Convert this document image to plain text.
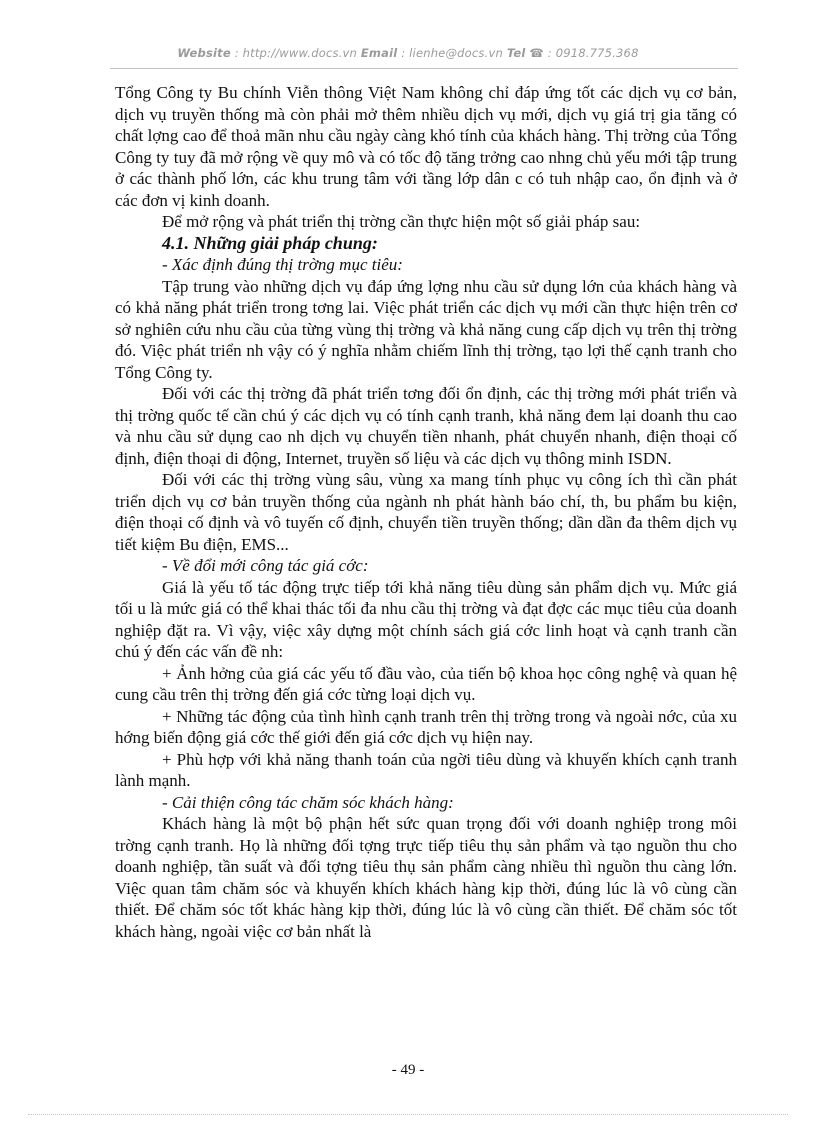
Website : http://www.docs.vn Email : lienhe@docs.vn Tel ☎ : 0918.775.368

Tổng Công ty Bu chính Viễn thông Việt Nam không chỉ đáp ứng tốt các dịch vụ cơ bản, dịch vụ truyền thống mà còn phải mở thêm nhiều dịch vụ mới, dịch vụ giá trị gia tăng có chất lợng cao để thoả mãn nhu cầu ngày càng khó tính của khách hàng. Thị trờng của Tổng Công ty tuy đã mở rộng về quy mô và có tốc độ tăng trởng cao nhng chủ yếu mới tập trung ở các thành phố lớn, các khu trung tâm với tầng lớp dân c có tuh nhập cao, ổn định và ở các đơn vị kinh doanh.

Để mở rộng và phát triển thị trờng cần thực hiện một số giải pháp sau:

4.1. Những giải pháp chung:

- Xác định đúng thị trờng mục tiêu:

Tập trung vào những dịch vụ đáp ứng lợng nhu cầu sử dụng lớn của khách hàng và có khả năng phát triển trong tơng lai. Việc phát triển các dịch vụ mới cần thực hiện trên cơ sở nghiên cứu nhu cầu của từng vùng thị trờng và khả năng cung cấp dịch vụ trên thị trờng đó. Việc phát triển nh vậy có ý nghĩa nhằm chiếm lĩnh thị trờng, tạo lợi thế cạnh tranh cho Tổng Công ty.

Đối với các thị trờng đã phát triển tơng đối ổn định, các thị trờng mới phát triển và thị trờng quốc tế cần chú ý các dịch vụ có tính cạnh tranh, khả năng đem lại doanh thu cao và nhu cầu sử dụng cao nh dịch vụ chuyển tiền nhanh, phát chuyển nhanh, điện thoại cố định, điện thoại di động, Internet, truyền số liệu và các dịch vụ thông minh ISDN.

Đối với các thị trờng vùng sâu, vùng xa mang tính phục vụ công ích thì cần phát triển dịch vụ cơ bản truyền thống của ngành nh phát hành báo chí, th, bu phẩm bu kiện, điện thoại cố định và vô tuyến cố định, chuyển tiền truyền thống; dần dần đa thêm dịch vụ tiết kiệm Bu điện, EMS...

- Về đổi mới công tác giá cớc:

Giá là yếu tố tác động trực tiếp tới khả năng tiêu dùng sản phẩm dịch vụ. Mức giá tối u là mức giá có thể khai thác tối đa nhu cầu thị trờng và đạt đợc các mục tiêu của doanh nghiệp đặt ra. Vì vậy, việc xây dựng một chính sách giá cớc linh hoạt và cạnh tranh cần chú ý đến các vấn đề nh:

+ Ảnh hởng của giá các yếu tố đầu vào, của tiến bộ khoa học công nghệ và quan hệ cung cầu trên thị trờng đến giá cớc từng loại dịch vụ.

+ Những tác động của tình hình cạnh tranh trên thị trờng trong và ngoài nớc, của xu hớng biến động giá cớc thế giới đến giá cớc dịch vụ hiện nay.

+ Phù hợp với khả năng thanh toán của ngời tiêu dùng và khuyến khích cạnh tranh lành mạnh.

- Cải thiện công tác chăm sóc khách hàng:

Khách hàng là một bộ phận hết sức quan trọng đối với doanh nghiệp trong môi trờng cạnh tranh. Họ là những đối tợng trực tiếp tiêu thụ sản phẩm và tạo nguồn thu cho doanh nghiệp, tần suất và đối tợng tiêu thụ sản phẩm càng nhiều thì nguồn thu càng lớn. Việc quan tâm chăm sóc và khuyến khích khách hàng kịp thời, đúng lúc là vô cùng cần thiết. Để chăm sóc tốt khác hàng kịp thời, đúng lúc là vô cùng cần thiết. Để chăm sóc tốt khách hàng, ngoài việc cơ bản nhất là

- 49 -
